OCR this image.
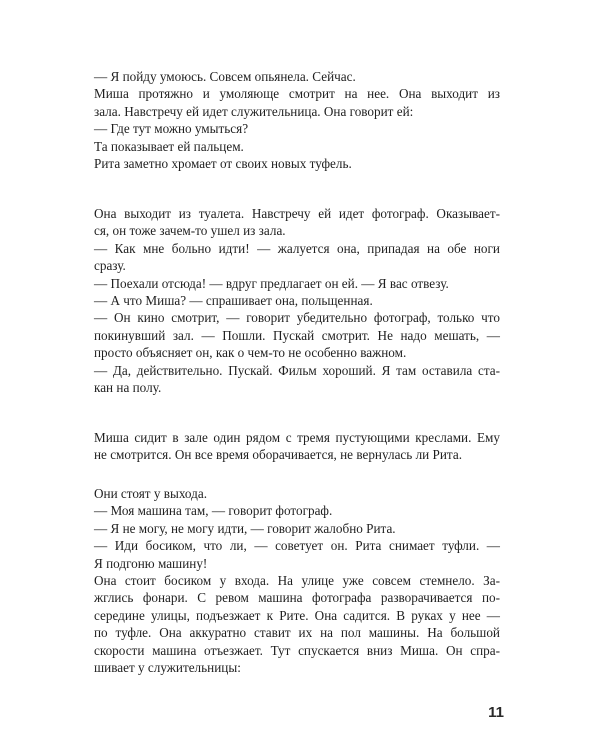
— Я пойду умоюсь. Совсем опьянела. Сейчас.
Миша протяжно и умоляюще смотрит на нее. Она выходит из
зала. Навстречу ей идет служительница. Она говорит ей:
— Где тут можно умыться?
Та показывает ей пальцем.
Рита заметно хромает от своих новых туфель.
Она выходит из туалета. Навстречу ей идет фотограф. Оказывает-
ся, он тоже зачем-то ушел из зала.
— Как мне больно идти! — жалуется она, припадая на обе ноги
сразу.
— Поехали отсюда! — вдруг предлагает он ей. — Я вас отвезу.
— А что Миша? — спрашивает она, польщенная.
— Он кино смотрит, — говорит убедительно фотограф, только что
покинувший зал. — Пошли. Пускай смотрит. Не надо мешать, —
просто объясняет он, как о чем-то не особенно важном.
— Да, действительно. Пускай. Фильм хороший. Я там оставила ста-
кан на полу.
Миша сидит в зале один рядом с тремя пустующими креслами. Ему
не смотрится. Он все время оборачивается, не вернулась ли Рита.
Они стоят у выхода.
— Моя машина там, — говорит фотограф.
— Я не могу, не могу идти, — говорит жалобно Рита.
— Иди босиком, что ли, — советует он. Рита снимает туфли. —
Я подгоню машину!
Она стоит босиком у входа. На улице уже совсем стемнело. За-
жглись фонари. С ревом машина фотографа разворачивается по-
середине улицы, подъезжает к Рите. Она садится. В руках у нее —
по туфле. Она аккуратно ставит их на пол машины. На большой
скорости машина отъезжает. Тут спускается вниз Миша. Он спра-
шивает у служительницы:
11
